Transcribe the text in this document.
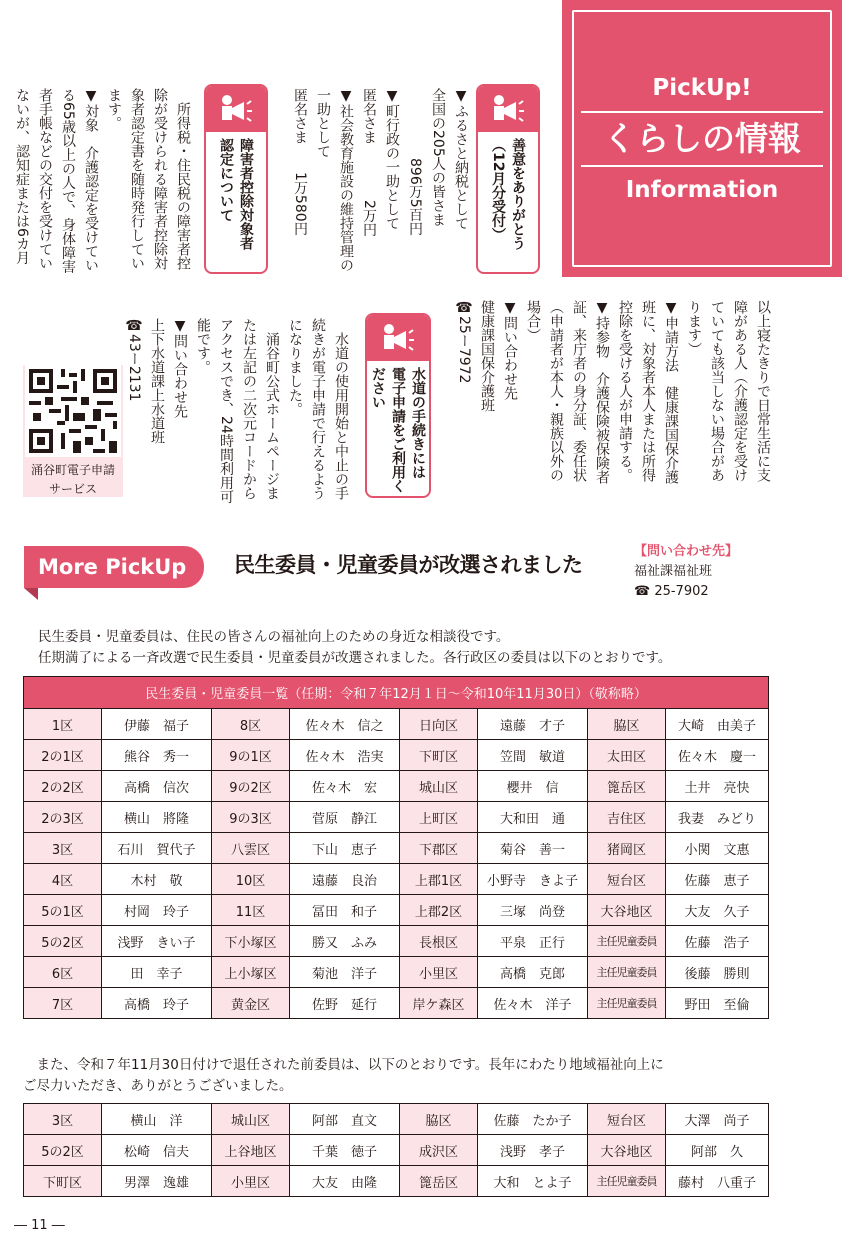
PickUp!
くらしの情報
Information
善意をありがとう
（12月分受付）
▼ふるさと納税として
全国の205人の皆さま
　　　　　896万5百円
▼町行政の一助として
匿名さま　　　　2万円
▼社会教育施設の維持管理の
一助として
匿名さま　　1万580円
障害者控除対象者
認定について
　所得税・住民税の障害者控
除が受けられる障害者控除対
象者認定書を随時発行してい
ます。
▼対象　介護認定を受けてい
る65歳以上の人で、身体障害
者手帳などの交付を受けてい
ないが、認知症または6カ月
以上寝たきりで日常生活に支
障がある人（介護認定を受け
ていても該当しない場合があ
ります）
▼申請方法　健康課国保介護
班に、対象者本人または所得
控除を受ける人が申請する。
▼持参物　介護保険被保険者
証、来庁者の身分証、委任状
（申請者が本人・親族以外の
場合）
▼問い合わせ先
健康課国保介護班
☎25ー7972
水道の手続きには
電子申請をご利用く
ださい
　水道の使用開始と中止の手
続きが電子申請で行えるよう
になりました。
　涌谷町公式ホームページま
たは左記の二次元コードから
アクセスでき、24時間利用可
能です。
▼問い合わせ先
上下水道課上水道班
☎43ー2131
涌谷町電子申請
サービス
More PickUp	民生委員・児童委員が改選されました
【問い合わせ先】
福祉課福祉班
☎ 25-7902
民生委員・児童委員は、住民の皆さんの福祉向上のための身近な相談役です。
任期満了による一斉改選で民生委員・児童委員が改選されました。各行政区の委員は以下のとおりです。
民生委員・児童委員一覧（任期：令和７年12月１日～令和10年11月30日）（敬称略）							
1区	伊藤　福子	8区	佐々木　信之	日向区	遠藤　才子	脇区	大崎　由美子
2の1区	熊谷　秀一	9の1区	佐々木　浩実	下町区	笠間　敏道	太田区	佐々木　慶一
2の2区	高橋　信次	9の2区	佐々木　宏	城山区	櫻井　信	篦岳区	土井　亮快
2の3区	横山　將隆	9の3区	菅原　静江	上町区	大和田　通	吉住区	我妻　みどり
3区	石川　賀代子	八雲区	下山　恵子	下郡区	菊谷　善一	猪岡区	小関　文惠
4区	木村　敬	10区	遠藤　良治	上郡1区	小野寺　きよ子	短台区	佐藤　恵子
5の1区	村岡　玲子	11区	冨田　和子	上郡2区	三塚　尚登	大谷地区	大友　久子
5の2区	浅野　きい子	下小塚区	勝又　ふみ	長根区	平泉　正行	主任児童委員	佐藤　浩子
6区	田　幸子	上小塚区	菊池　洋子	小里区	高橋　克郎	主任児童委員	後藤　勝則
7区	高橋　玲子	黄金区	佐野　延行	岸ケ森区	佐々木　洋子	主任児童委員	野田　至倫
　また、令和７年11月30日付けで退任された前委員は、以下のとおりです。長年にわたり地域福祉向上に
ご尽力いただき、ありがとうございました。
3区	横山　洋	城山区	阿部　直文	脇区	佐藤　たか子	短台区	大澤　尚子
5の2区	松崎　信夫	上谷地区	千葉　徳子	成沢区	浅野　孝子	大谷地区	阿部　久
下町区	男澤　逸雄	小里区	大友　由隆	篦岳区	大和　とよ子	主任児童委員	藤村　八重子
― 11 ―
